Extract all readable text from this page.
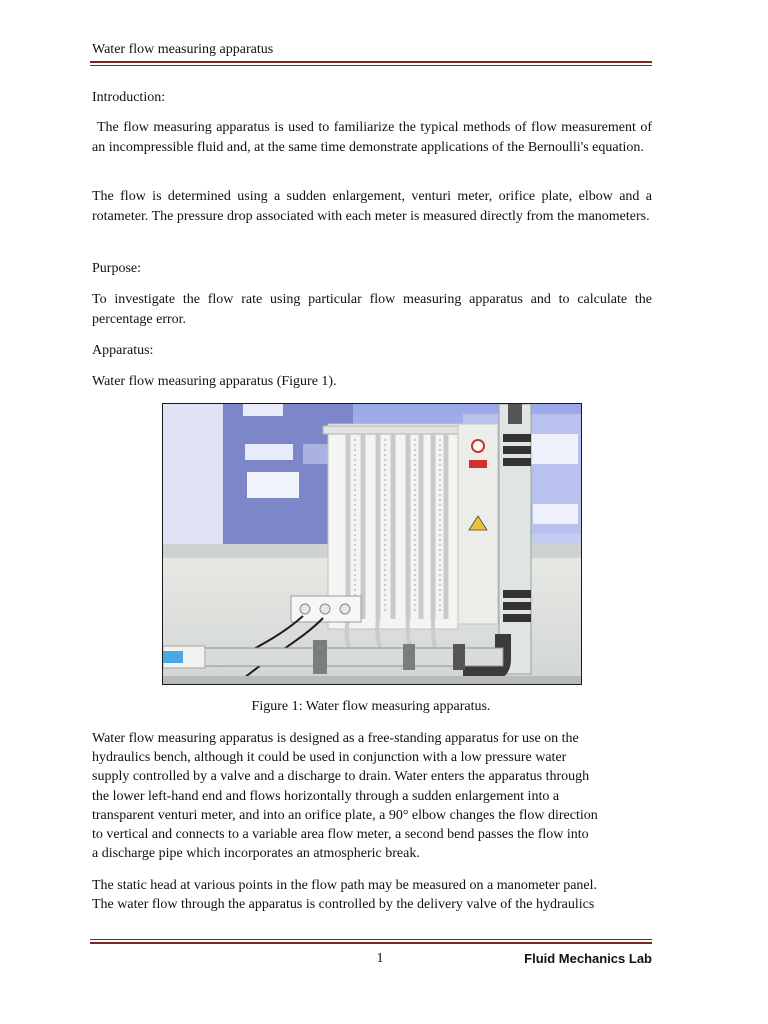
Water flow measuring apparatus
Introduction:
The flow measuring apparatus is used to familiarize the typical methods of flow measurement of an incompressible fluid and, at the same time demonstrate applications of the Bernoulli's equation.
The flow is determined using a sudden enlargement, venturi meter, orifice plate, elbow and a rotameter. The pressure drop associated with each meter is measured directly from the manometers.
Purpose:
To investigate the flow rate using particular flow measuring apparatus and to calculate the percentage error.
Apparatus:
Water flow measuring apparatus (Figure 1).
Figure 1: Water flow measuring apparatus.
Water flow measuring apparatus is designed as a free-standing apparatus for use on the
hydraulics bench, although it could be used in conjunction with a low pressure water
supply controlled by a valve and a discharge to drain. Water enters the apparatus through
the lower left-hand end and flows horizontally through a sudden enlargement into a
transparent venturi meter, and into an orifice plate, a 90° elbow changes the flow direction
to vertical and connects to a variable area flow meter, a second bend passes the flow into
a discharge pipe which incorporates an atmospheric break.
The static head at various points in the flow path may be measured on a manometer panel.
The water flow through the apparatus is controlled by the delivery valve of the hydraulics
1	Fluid Mechanics Lab
